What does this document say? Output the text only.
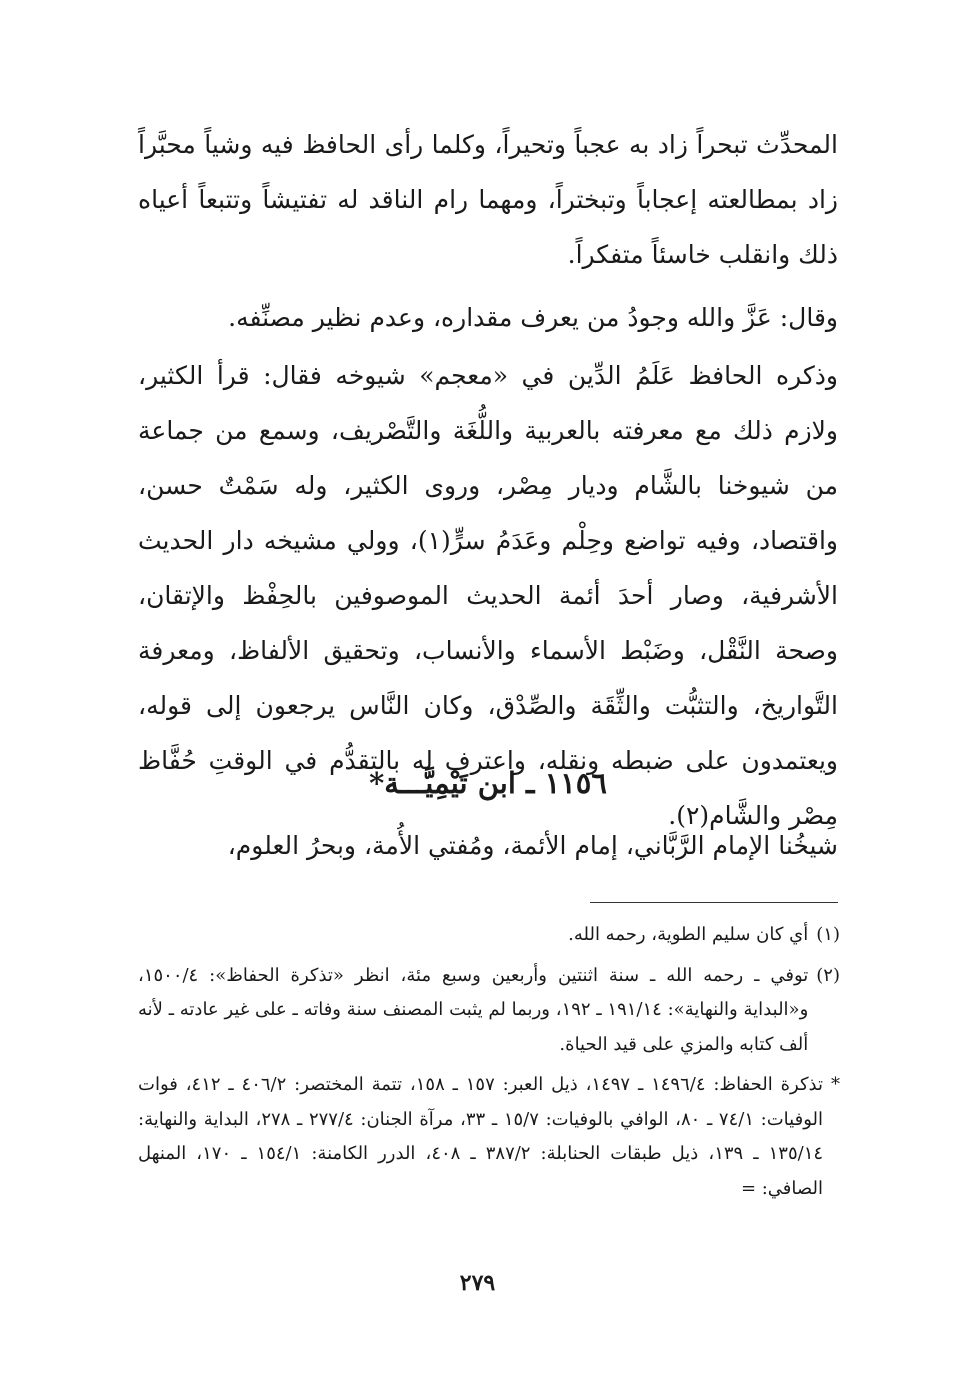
المحدِّث تبحراً زاد به عجباً وتحيراً، وكلما رأى الحافظ فيه وشياً محبَّراً زاد بمطالعته إعجاباً وتبختراً، ومهما رام الناقد له تفتيشاً وتتبعاً أعياه ذلك وانقلب خاسئاً متفكراً.

وقال: عَزَّ والله وجودُ من يعرف مقداره، وعدم نظير مصنِّفه.

وذكره الحافظ عَلَمُ الدِّين في «معجم» شيوخه فقال: قرأ الكثير، ولازم ذلك مع معرفته بالعربية واللُّغَة والتَّصْريف، وسمع من جماعة من شيوخنا بالشَّام وديار مِصْر، وروى الكثير، وله سَمْتٌ حسن، واقتصاد، وفيه تواضع وحِلْم وعَدَمُ سرٍّ(١)، وولي مشيخه دار الحديث الأشرفية، وصار أحدَ أئمة الحديث الموصوفين بالحِفْظ والإتقان، وصحة النَّقْل، وضَبْط الأسماء والأنساب، وتحقيق الألفاظ، ومعرفة التَّواريخ، والتثبُّت والثِّقَة والصِّدْق، وكان النَّاس يرجعون إلى قوله، ويعتمدون على ضبطه ونقله، واعترف له بالتقدُّم في الوقتِ حُفَّاظ مِصْر والشَّام(٢).

١١٥٦ ـ ابن تَيْمِيَّـــة*

شيخُنا الإمام الرَّبَّاني، إمام الأئمة، ومُفتي الأُمة، وبحرُ العلوم،

(١)
أي كان سليم الطوية، رحمه الله.
(٢)
توفي ـ رحمه الله ـ سنة اثنتين وأربعين وسبع مئة، انظر «تذكرة الحفاظ»: ١٥٠٠/٤، و«البداية والنهاية»: ١٩١/١٤ ـ ١٩٢، وربما لم يثبت المصنف سنة وفاته ـ على غير عادته ـ لأنه ألف كتابه والمزي على قيد الحياة.
*
تذكرة الحفاظ: ١٤٩٦/٤ ـ ١٤٩٧، ذيل العبر: ١٥٧ ـ ١٥٨، تتمة المختصر: ٤٠٦/٢ ـ ٤١٢، فوات الوفيات: ٧٤/١ ـ ٨٠، الوافي بالوفيات: ١٥/٧ ـ ٣٣، مرآة الجنان: ٢٧٧/٤ ـ ٢٧٨، البداية والنهاية: ١٣٥/١٤ ـ ١٣٩، ذيل طبقات الحنابلة: ٣٨٧/٢ ـ ٤٠٨، الدرر الكامنة: ١٥٤/١ ـ ١٧٠، المنهل الصافي: =
٢٧٩
